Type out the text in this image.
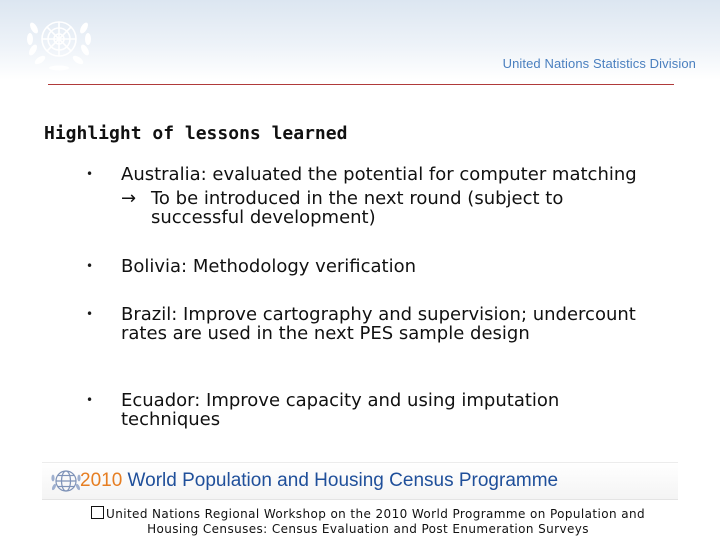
United Nations Statistics Division
Highlight of lessons learned
• Australia: evaluated the potential for computer matching

→ To be introduced in the next round (subject to
successful development)
• Bolivia: Methodology verification

• Brazil: Improve cartography and supervision; undercount rates are used in the next PES sample design

• Ecuador: Improve capacity and using imputation techniques

2010 World Population and Housing Census Programme
United Nations Regional Workshop on the 2010 World Programme on Population and
Housing Censuses: Census Evaluation and Post Enumeration Surveys
